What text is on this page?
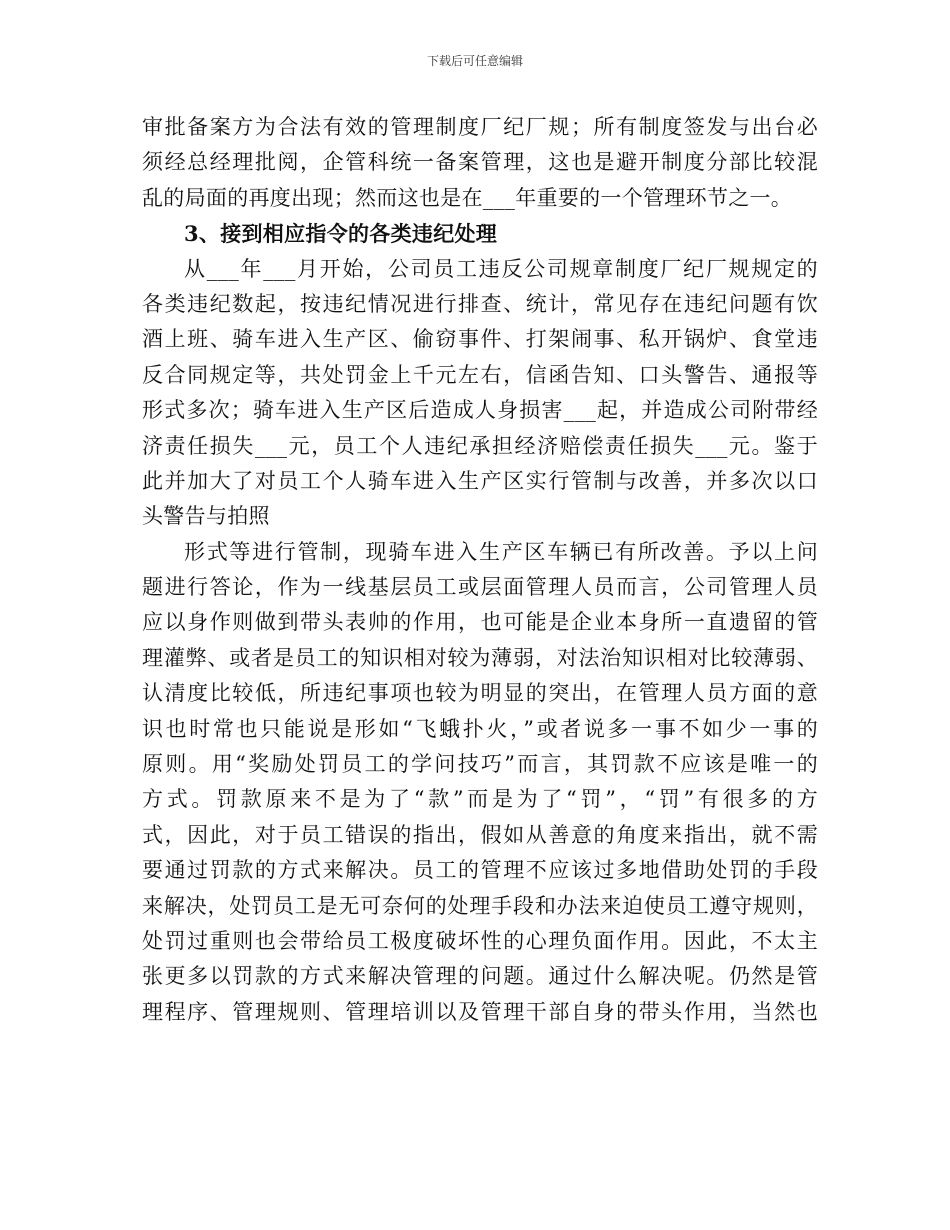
下载后可任意编辑
审批备案方为合法有效的管理制度厂纪厂规；所有制度签发与出台必
须经总经理批阅，企管科统一备案管理，这也是避开制度分部比较混
乱的局面的再度出现；然而这也是在___年重要的一个管理环节之一。
3、接到相应指令的各类违纪处理
从___年___月开始，公司员工违反公司规章制度厂纪厂规规定的
各类违纪数起，按违纪情况进行排查、统计，常见存在违纪问题有饮
酒上班、骑车进入生产区、偷窃事件、打架闹事、私开锅炉、食堂违
反合同规定等，共处罚金上千元左右，信函告知、口头警告、通报等
形式多次；骑车进入生产区后造成人身损害___起，并造成公司附带经
济责任损失___元，员工个人违纪承担经济赔偿责任损失___元。鉴于
此并加大了对员工个人骑车进入生产区实行管制与改善，并多次以口
头警告与拍照
形式等进行管制，现骑车进入生产区车辆已有所改善。予以上问
题进行答论，作为一线基层员工或层面管理人员而言，公司管理人员
应以身作则做到带头表帅的作用，也可能是企业本身所一直遗留的管
理灌弊、或者是员工的知识相对较为薄弱，对法治知识相对比较薄弱、
认清度比较低，所违纪事项也较为明显的突出，在管理人员方面的意
识也时常也只能说是形如“飞蛾扑火，”或者说多一事不如少一事的
原则。用“奖励处罚员工的学问技巧”而言，其罚款不应该是唯一的
方式。罚款原来不是为了“款”而是为了“罚”，“罚”有很多的方
式，因此，对于员工错误的指出，假如从善意的角度来指出，就不需
要通过罚款的方式来解决。员工的管理不应该过多地借助处罚的手段
来解决，处罚员工是无可奈何的处理手段和办法来迫使员工遵守规则，
处罚过重则也会带给员工极度破坏性的心理负面作用。因此，不太主
张更多以罚款的方式来解决管理的问题。通过什么解决呢。仍然是管
理程序、管理规则、管理培训以及管理干部自身的带头作用，当然也
